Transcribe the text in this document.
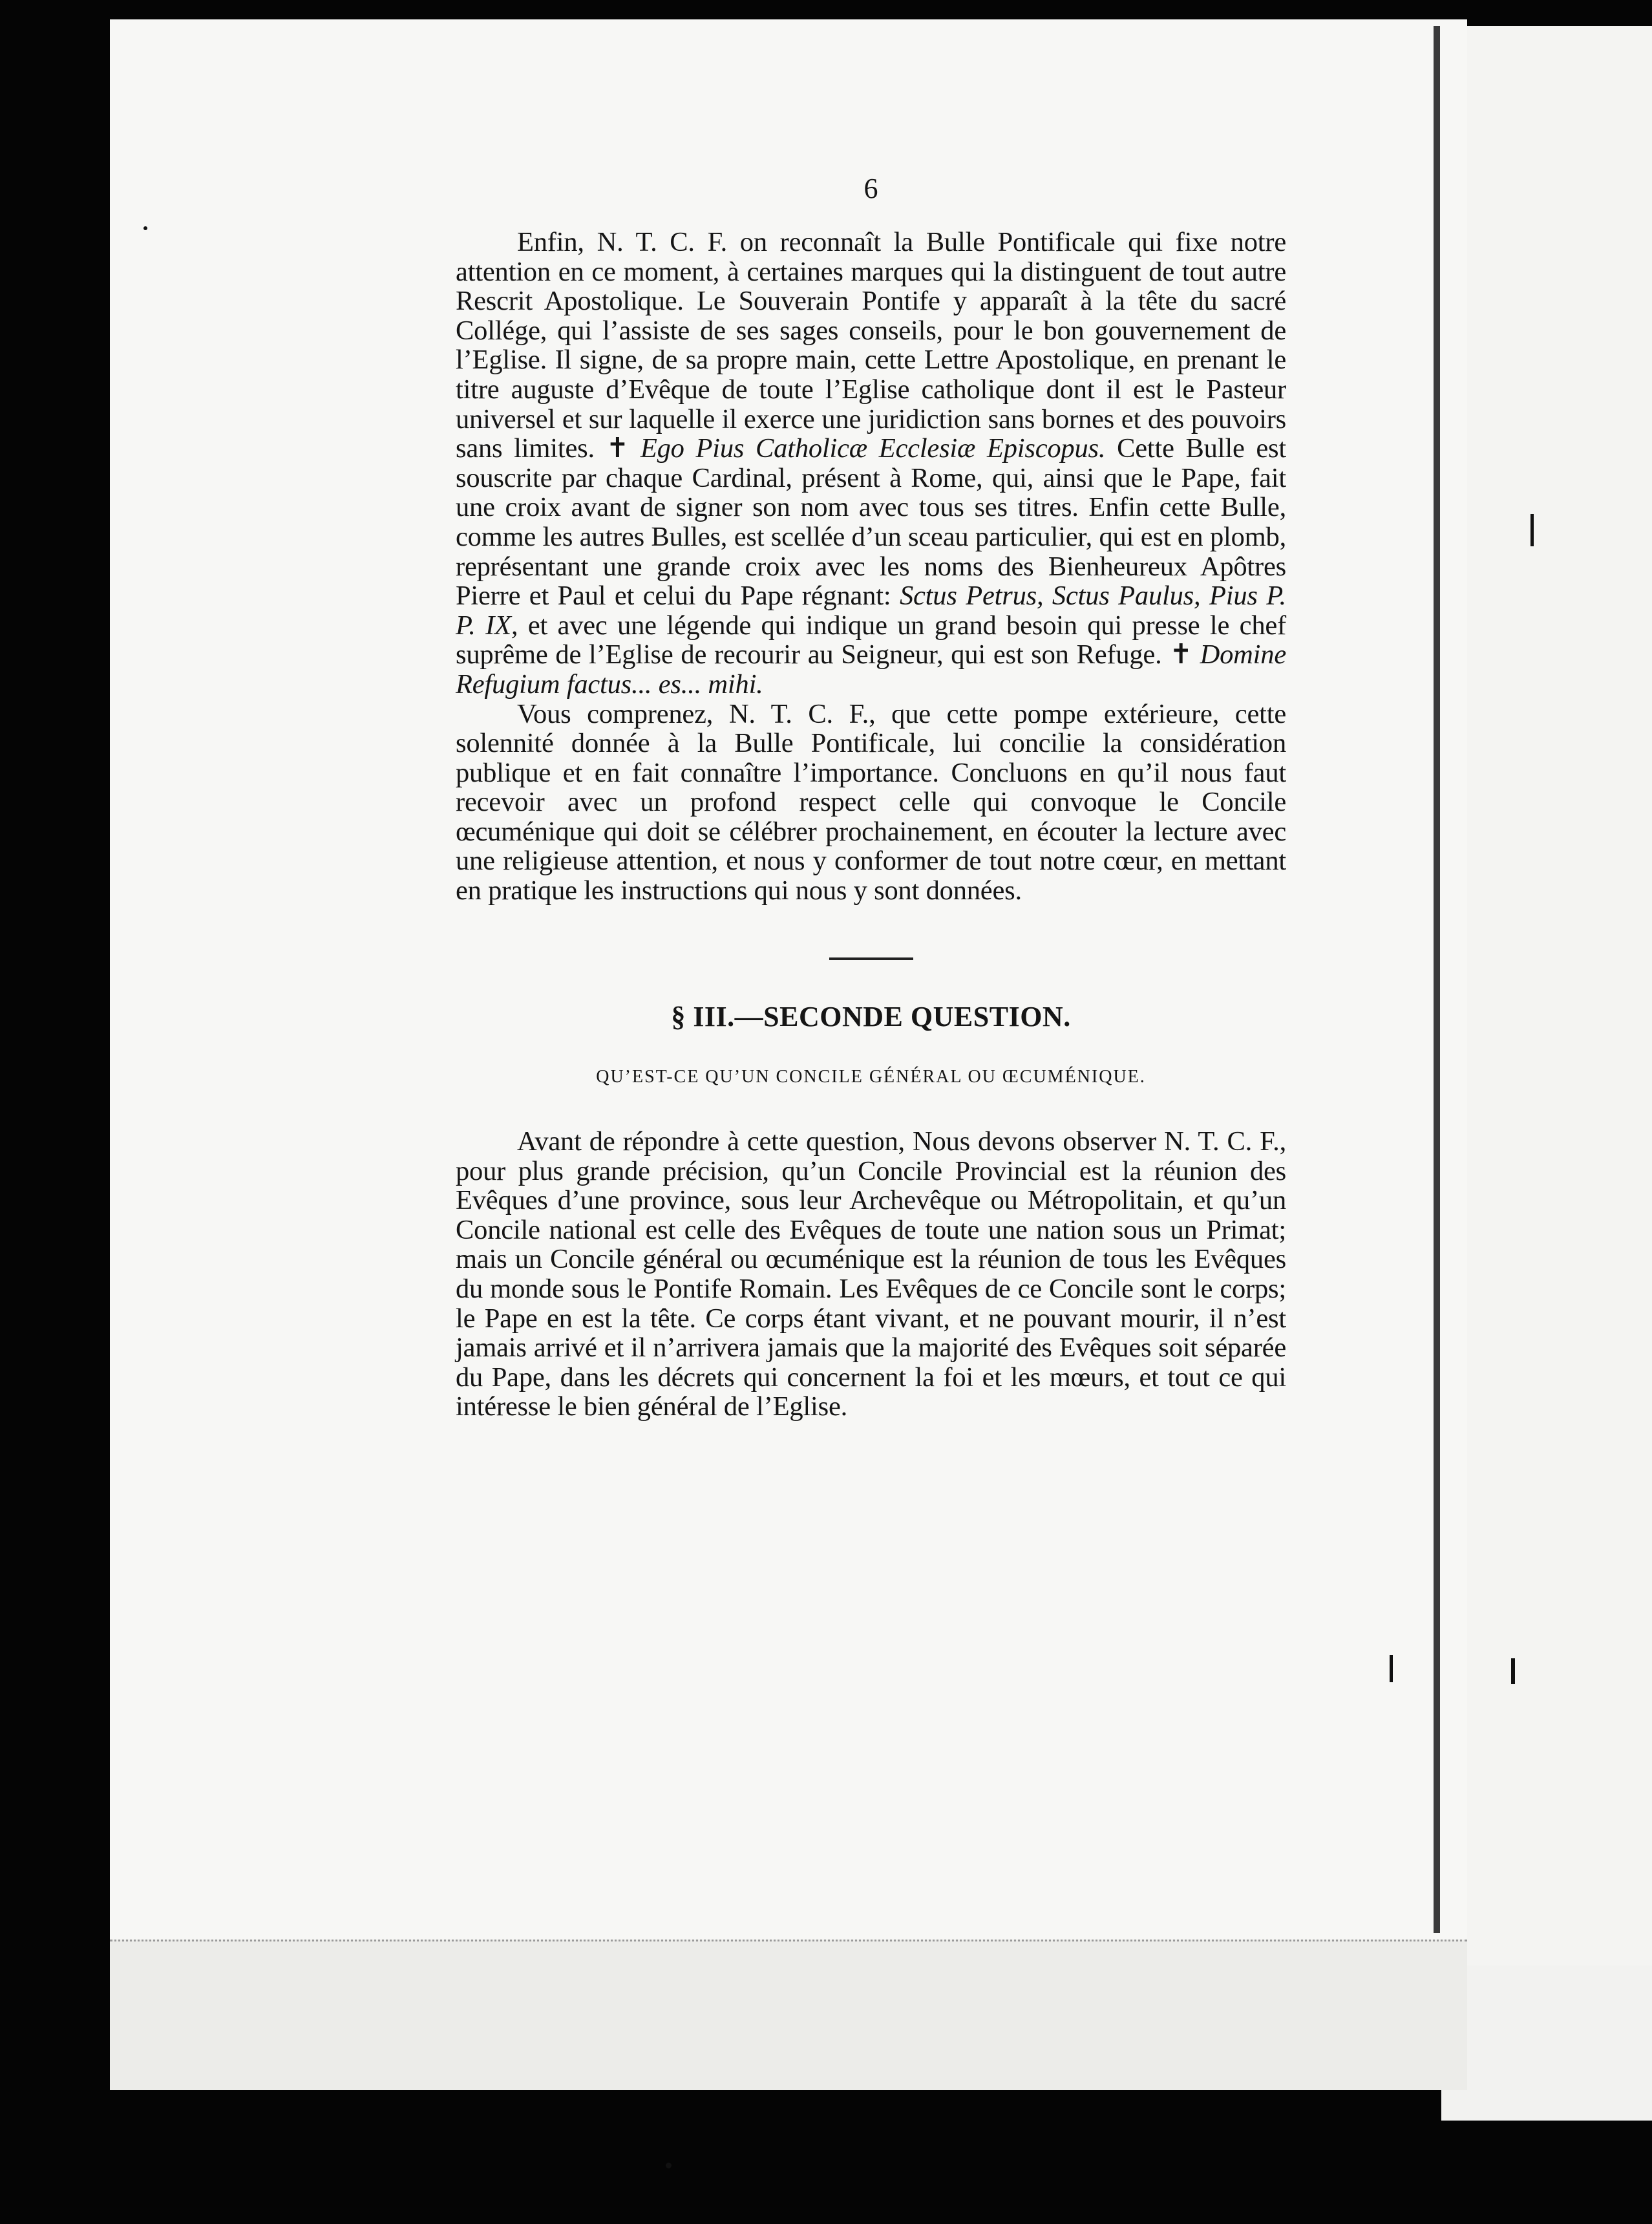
6

Enfin, N. T. C. F. on reconnaît la Bulle Pontificale qui fixe notre attention en ce moment, à certaines marques qui la distinguent de tout autre Rescrit Apostolique. Le Souverain Pontife y apparaît à la tête du sacré Collége, qui l’assiste de ses sages conseils, pour le bon gouvernement de l’Eglise. Il signe, de sa propre main, cette Lettre Apostolique, en prenant le titre auguste d’Evêque de toute l’Eglise catholique dont il est le Pasteur universel et sur laquelle il exerce une juridiction sans bornes et des pouvoirs sans limites. ✝ Ego Pius Catholicæ Ecclesiæ Episcopus. Cette Bulle est souscrite par chaque Cardinal, présent à Rome, qui, ainsi que le Pape, fait une croix avant de signer son nom avec tous ses titres. Enfin cette Bulle, comme les autres Bulles, est scellée d’un sceau particulier, qui est en plomb, représentant une grande croix avec les noms des Bienheureux Apôtres Pierre et Paul et celui du Pape régnant: Sctus Petrus, Sctus Paulus, Pius P. P. IX, et avec une légende qui indique un grand besoin qui presse le chef suprême de l’Eglise de recourir au Seigneur, qui est son Refuge. ✝ Domine Refugium factus... es... mihi.

Vous comprenez, N. T. C. F., que cette pompe extérieure, cette solennité donnée à la Bulle Pontificale, lui concilie la considération publique et en fait connaître l’importance. Concluons en qu’il nous faut recevoir avec un profond respect celle qui convoque le Concile œcuménique qui doit se célébrer prochainement, en écouter la lecture avec une religieuse attention, et nous y conformer de tout notre cœur, en mettant en pratique les instructions qui nous y sont données.

§ III.—SECONDE QUESTION.
QU’EST-CE QU’UN CONCILE GÉNÉRAL OU ŒCUMÉNIQUE.

Avant de répondre à cette question, Nous devons observer N. T. C. F., pour plus grande précision, qu’un Concile Provincial est la réunion des Evêques d’une province, sous leur Archevêque ou Métropolitain, et qu’un Concile national est celle des Evêques de toute une nation sous un Primat; mais un Concile général ou œcuménique est la réunion de tous les Evêques du monde sous le Pontife Romain. Les Evêques de ce Concile sont le corps; le Pape en est la tête. Ce corps étant vivant, et ne pouvant mourir, il n’est jamais arrivé et il n’arrivera jamais que la majorité des Evêques soit séparée du Pape, dans les décrets qui concernent la foi et les mœurs, et tout ce qui intéresse le bien général de l’Eglise.
